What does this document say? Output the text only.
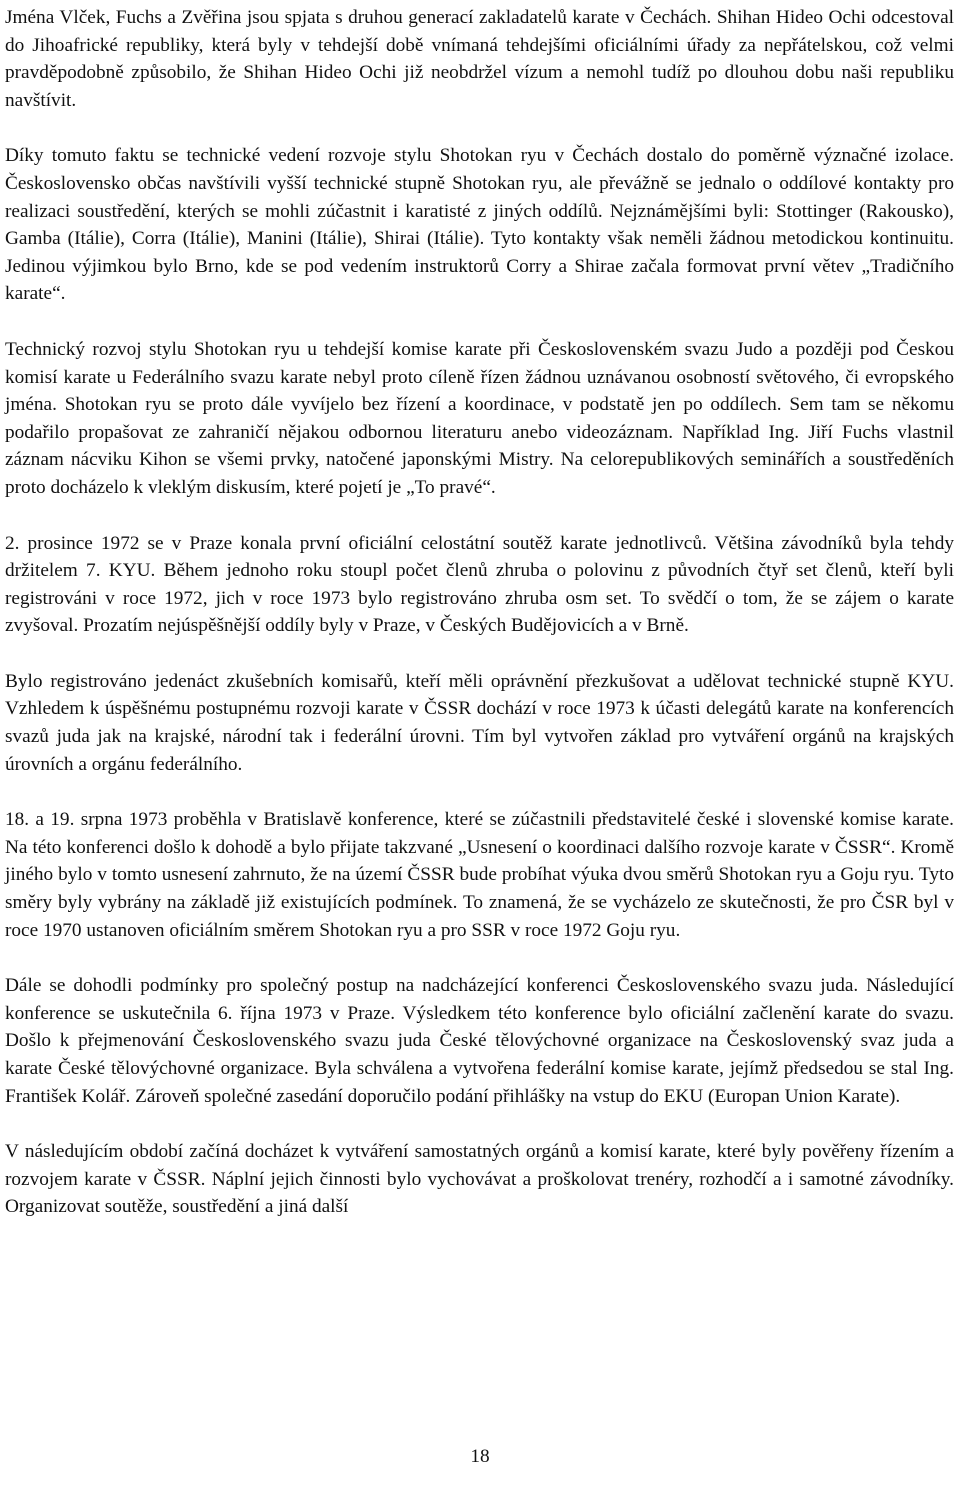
Jména Vlček, Fuchs a Zvěřina jsou spjata s druhou generací zakladatelů karate v Čechách. Shihan Hideo Ochi odcestoval do Jihoafrické republiky, která byly v tehdejší době vnímaná tehdejšími oficiálními úřady za nepřátelskou, což velmi pravděpodobně způsobilo, že Shihan Hideo Ochi již neobdržel vízum a nemohl tudíž po dlouhou dobu naši republiku navštívit.

Díky tomuto faktu se technické vedení rozvoje stylu Shotokan ryu v Čechách dostalo do poměrně význačné izolace. Československo občas navštívili vyšší technické stupně Shotokan ryu, ale převážně se jednalo o oddílové kontakty pro realizaci soustředění, kterých se mohli zúčastnit i karatisté z jiných oddílů. Nejznámějšími byli: Stottinger (Rakousko), Gamba (Itálie), Corra (Itálie), Manini (Itálie), Shirai (Itálie). Tyto kontakty však neměli žádnou metodickou kontinuitu. Jedinou výjimkou bylo Brno, kde se pod vedením instruktorů Corry a Shirae začala formovat první větev „Tradičního karate“.

Technický rozvoj stylu Shotokan ryu u tehdejší komise karate při Československém svazu Judo a později pod Českou komisí karate u Federálního svazu karate nebyl proto cíleně řízen žádnou uznávanou osobností světového, či evropského jména. Shotokan ryu se proto dále vyvíjelo bez řízení a koordinace, v podstatě jen po oddílech. Sem tam se někomu podařilo propašovat ze zahraničí nějakou odbornou literaturu anebo videozáznam. Například Ing. Jiří Fuchs vlastnil záznam nácviku Kihon se všemi prvky, natočené japonskými Mistry. Na celorepublikových seminářích a soustředěních proto docházelo k vleklým diskusím, které pojetí je „To pravé“.

2. prosince 1972 se v Praze konala první oficiální celostátní soutěž karate jednotlivců. Většina závodníků byla tehdy držitelem 7. KYU. Během jednoho roku stoupl počet členů zhruba o polovinu z původních čtyř set členů, kteří byli registrováni v roce 1972, jich v roce 1973 bylo registrováno zhruba osm set. To svědčí o tom, že se zájem o karate zvyšoval. Prozatím nejúspěšnější oddíly byly v Praze, v Českých Budějovicích a v Brně.

Bylo registrováno jedenáct zkušebních komisařů, kteří měli oprávnění přezkušovat a udělovat technické stupně KYU. Vzhledem k úspěšnému postupnému rozvoji karate v ČSSR dochází v roce 1973 k účasti delegátů karate na konferencích svazů juda jak na krajské, národní tak i federální úrovni. Tím byl vytvořen základ pro vytváření orgánů na krajských úrovních a orgánu federálního.

18. a 19. srpna 1973 proběhla v Bratislavě konference, které se zúčastnili představitelé české i slovenské komise karate. Na této konferenci došlo k dohodě a bylo přijate takzvané „Usnesení o koordinaci dalšího rozvoje karate v ČSSR“. Kromě jiného bylo v tomto usnesení zahrnuto, že na území ČSSR bude probíhat výuka dvou směrů Shotokan ryu a Goju ryu. Tyto směry byly vybrány na základě již existujících podmínek. To znamená, že se vycházelo ze skutečnosti, že pro ČSR byl v roce 1970 ustanoven oficiálním směrem Shotokan ryu a pro SSR v roce 1972 Goju ryu.

Dále se dohodli podmínky pro společný postup na nadcházející konferenci Československého svazu juda. Následující konference se uskutečnila 6. října 1973 v Praze. Výsledkem této konference bylo oficiální začlenění karate do svazu. Došlo k přejmenování Československého svazu juda České tělovýchovné organizace na Československý svaz juda a karate České tělovýchovné organizace. Byla schválena a vytvořena federální komise karate, jejímž předsedou se stal Ing. František Kolář. Zároveň společné zasedání doporučilo podání přihlášky na vstup do EKU (Europan Union Karate).

V následujícím období začíná docházet k vytváření samostatných orgánů a komisí karate, které byly pověřeny řízením a rozvojem karate v ČSSR. Náplní jejich činnosti bylo vychovávat a proškolovat trenéry, rozhodčí a i samotné závodníky. Organizovat soutěže, soustředění a jiná další

18
